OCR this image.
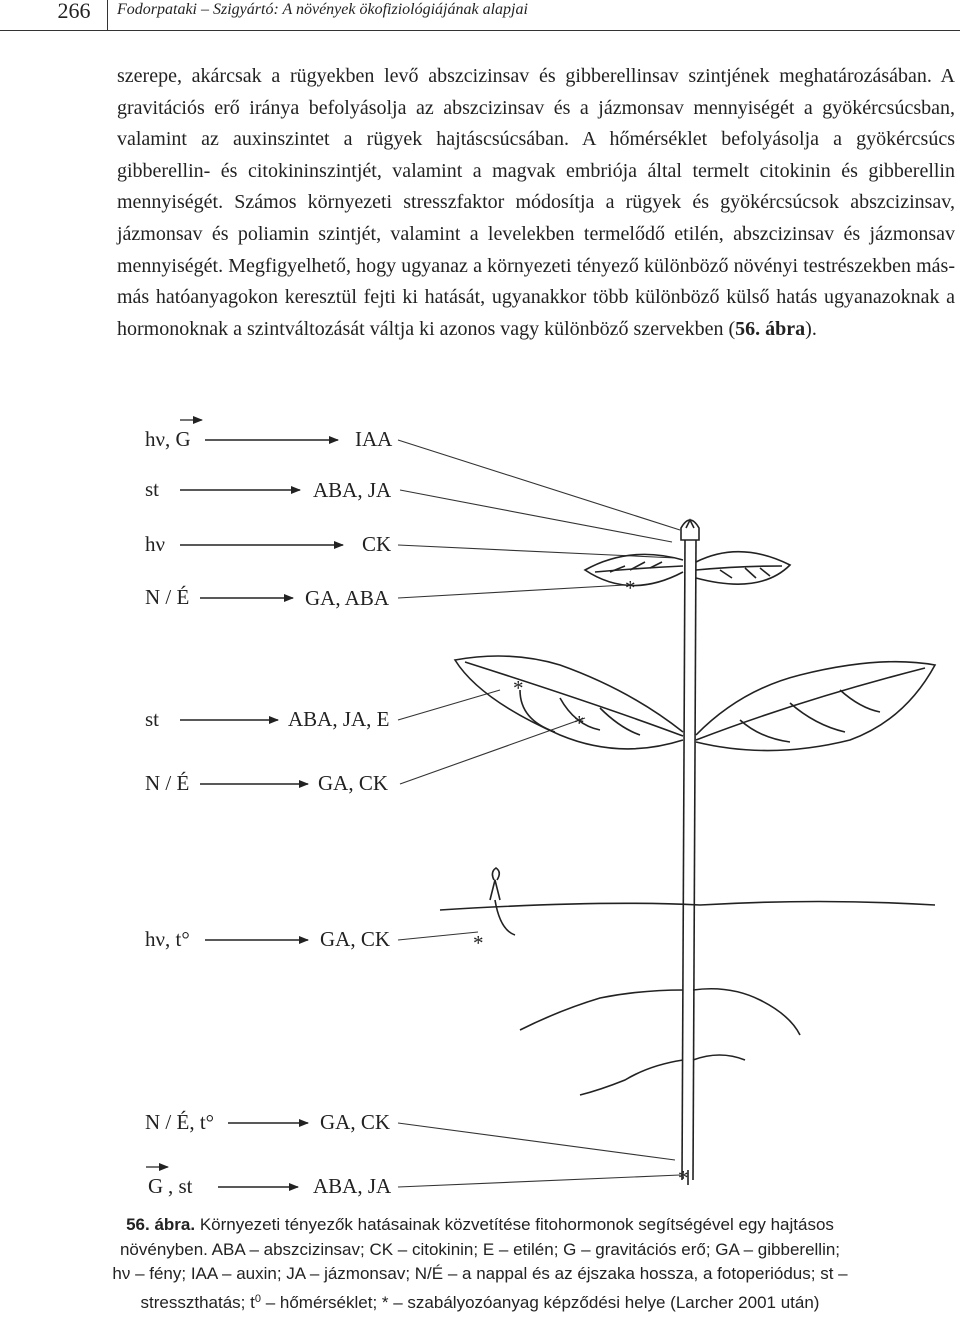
266	Fodorpataki – Szigyártó: A növények ökofiziológiájának alapjai

szerepe, akárcsak a rügyekben levő abszcizinsav és gibberellinsav szintjének meghatározásában. A gravitációs erő iránya befolyásolja az abszcizinsav és a jázmonsav mennyiségét a gyökércsúcsban, valamint az auxinszintet a rügyek hajtáscsúcsában. A hőmérséklet befolyásolja a gyökércsúcs gibberellin- és citokininszintjét, valamint a magvak embriója által termelt citokinin és gibberellin mennyiségét. Számos környezeti stresszfaktor módosítja a rügyek és gyökércsúcsok abszcizinsav, jázmonsav és poliamin szintjét, valamint a levelekben termelődő etilén, abszcizinsav és jázmonsav mennyiségét. Megfigyelhető, hogy ugyanaz a környezeti tényező különböző növényi testrészekben más-más hatóanyagokon keresztül fejti ki hatását, ugyanakkor több különböző külső hatás ugyanazoknak a hormonoknak a szintváltozását váltja ki azonos vagy különböző szervekben (56. ábra).

hν, G
st
hν
N / É
st
N / É
hν, t°
N / É, t°
G , st
IAA
ABA, JA
CK
GA, ABA
ABA, JA, E
GA, CK
GA, CK
GA, CK
ABA, JA
*
*
*
*
*
56. ábra. Környezeti tényezők hatásainak közvetítése fitohormonok segítségével egy hajtásos növényben. ABA – abszcizinsav; CK – citokinin; E – etilén; G – gravitációs erő; GA – gibberellin; hν – fény; IAA – auxin; JA – jázmonsav; N/É – a nappal és az éjszaka hossza, a fotoperiódus; st – stresszthatás; $t^0$ – hőmérséklet; * – szabályozóanyag képződési helye (Larcher 2001 után)
